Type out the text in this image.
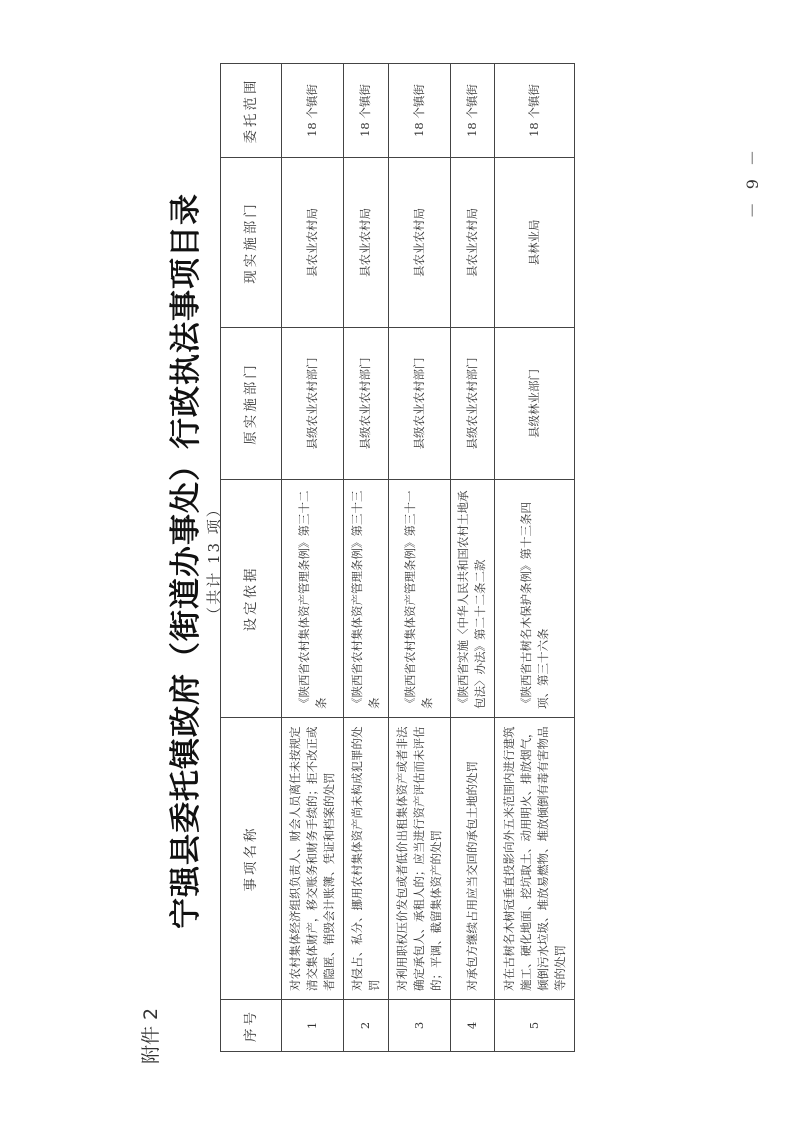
附件 2
宁强县委托镇政府（街道办事处）行政执法事项目录 （共计 13 项）
序号	事项名称	设定依据	原实施部门	现实施部门	委托范围
1	对农村集体经济组织负责人、财会人员离任未按规定清交集体财产，移交账务和财务手续的；拒不改正或者隐匿、销毁会计账簿、凭证和档案的处罚	《陕西省农村集体资产管理条例》第三十二条	县级农业农村部门	县农业农村局	18 个镇街
2	对侵占、私分、挪用农村集体资产尚未构成犯罪的处罚	《陕西省农村集体资产管理条例》第三十三条	县级农业农村部门	县农业农村局	18 个镇街
3	对利用职权压价发包或者低价出租集体资产或者非法确定承包人、承租人的；应当进行资产评估而未评估的；平调、截留集体资产的处罚	《陕西省农村集体资产管理条例》第三十一条	县级农业农村部门	县农业农村局	18 个镇街
4	对承包方继续占用应当交回的承包土地的处罚	《陕西省实施〈中华人民共和国农村土地承包法〉办法》第二十二条二款	县级农业农村部门	县农业农村局	18 个镇街
5	对在古树名木树冠垂直投影向外五米范围内进行建筑施工、硬化地面、挖坑取土、动用明火、排放烟气，倾倒污水垃圾、堆放易燃物、堆放倾倒有毒有害物品等的处罚	《陕西省古树名木保护条例》第十三条四项、第三十六条	县级林业部门	县林业局	18 个镇街
－ 9 －
